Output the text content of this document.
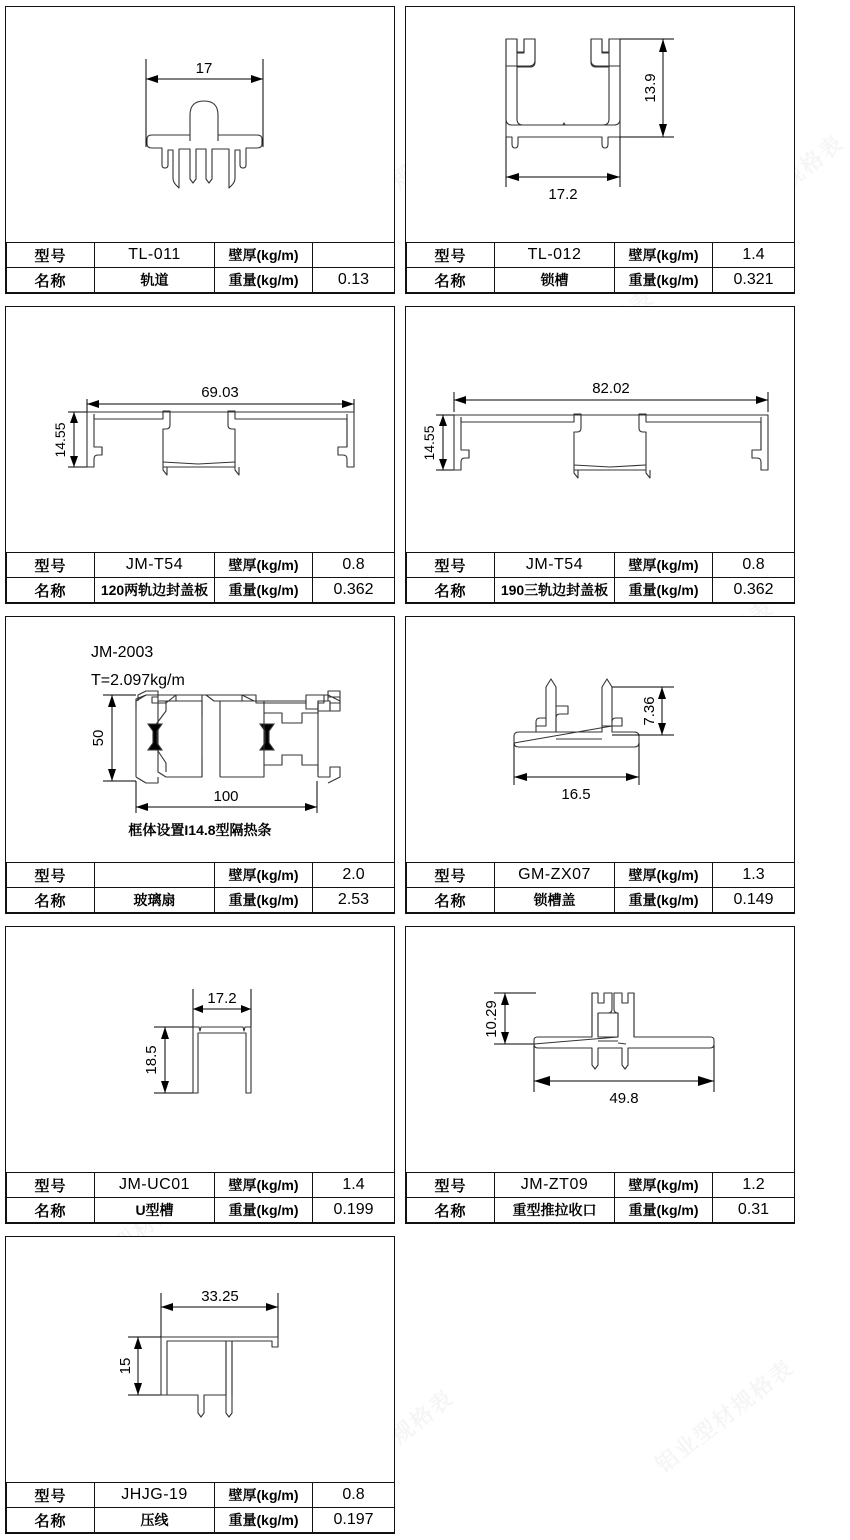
17
型号	TL-011	壁厚(kg/m)	
名称	轨道	重量(kg/m)	0.13
13.9
17.2
型号	TL-012	壁厚(kg/m)	1.4
名称	锁槽	重量(kg/m)	0.321
69.03
14.55
型号	JM-T54	壁厚(kg/m)	0.8
名称	120两轨边封盖板	重量(kg/m)	0.362
82.02
14.55
型号	JM-T54	壁厚(kg/m)	0.8
名称	190三轨边封盖板	重量(kg/m)	0.362
JM-2003
T=2.097kg/m
50
100
框体设置I14.8型隔热条
型号		壁厚(kg/m)	2.0
名称	玻璃扇	重量(kg/m)	2.53
7.36
16.5
型号	GM-ZX07	壁厚(kg/m)	1.3
名称	锁槽盖	重量(kg/m)	0.149
17.2
18.5
型号	JM-UC01	壁厚(kg/m)	1.4
名称	U型槽	重量(kg/m)	0.199
10.29
49.8
型号	JM-ZT09	壁厚(kg/m)	1.2
名称	重型推拉收口	重量(kg/m)	0.31
33.25
15
型号	JHJG-19	壁厚(kg/m)	0.8
名称	压线	重量(kg/m)	0.197
